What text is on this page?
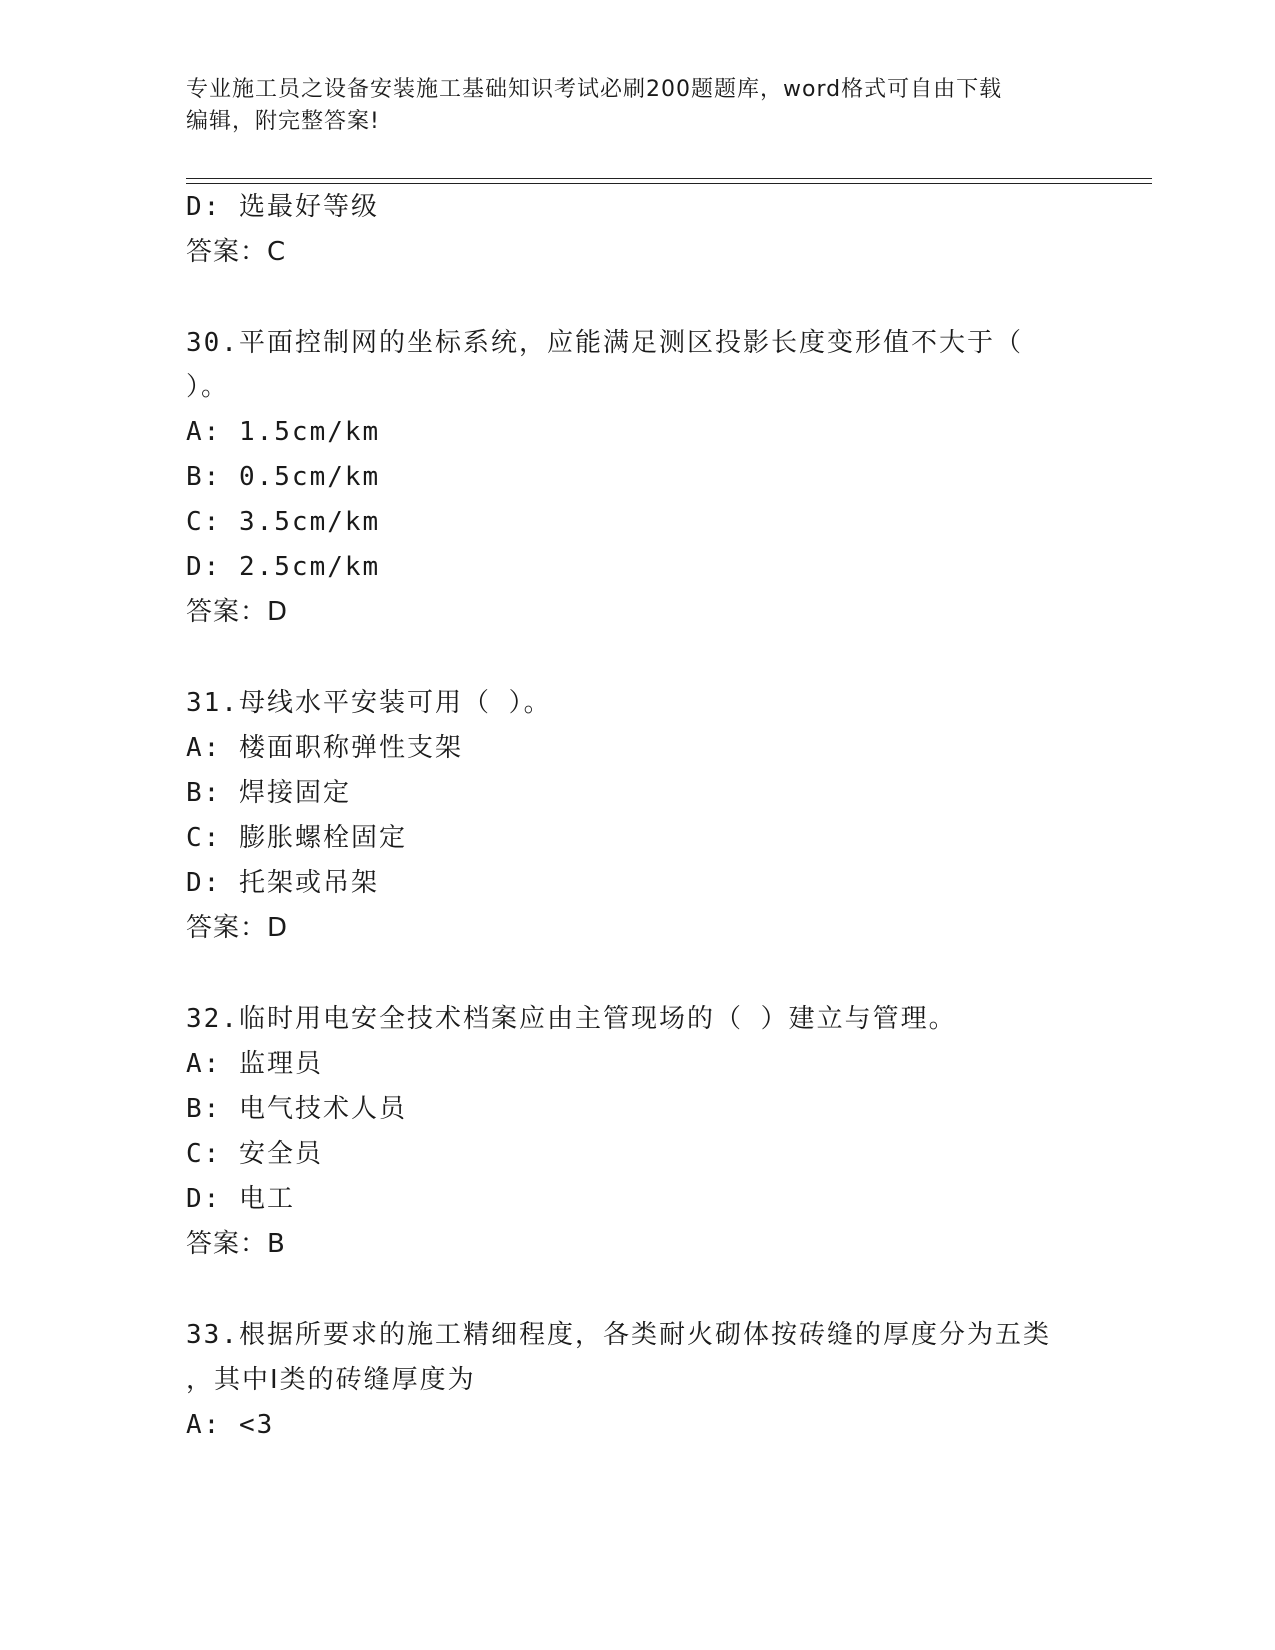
专业施工员之设备安装施工基础知识考试必刷200题题库，word格式可自由下载
编辑，附完整答案!
D: 选最好等级
答案：C
30.平面控制网的坐标系统，应能满足测区投影长度变形值不大于（
）。
A: 1.5cm/km
B: 0.5cm/km
C: 3.5cm/km
D: 2.5cm/km
答案：D
31.母线水平安装可用（ ）。
A: 楼面职称弹性支架
B: 焊接固定
C: 膨胀螺栓固定
D: 托架或吊架
答案：D
32.临时用电安全技术档案应由主管现场的（ ）建立与管理。
A: 监理员
B: 电气技术人员
C: 安全员
D: 电工
答案：B
33.根据所要求的施工精细程度，各类耐火砌体按砖缝的厚度分为五类
，其中Ⅰ类的砖缝厚度为
A: <3
